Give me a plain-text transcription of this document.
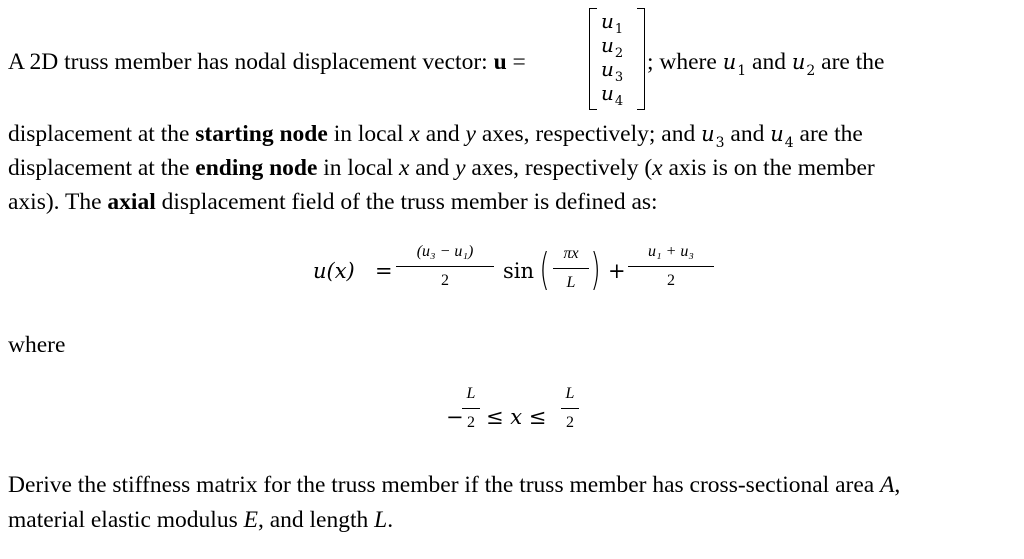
A 2D truss member has nodal displacement vector: u =
$u_1$
$u_2$
$u_3$
$u_4$
; where $u_1$ and $u_2$ are the
displacement at the starting node in local x and y axes, respectively; and $u_3$ and $u_4$ are the
displacement at the ending node in local x and y axes, respectively (x axis is on the member
axis). The axial displacement field of the truss member is defined as:
u(x) =
(u₃ − u₁)
2	sin ( πx
L ) +
u₁ + u₃
2
where
−
L
2 ≤ x ≤
L
2
Derive the stiffness matrix for the truss member if the truss member has cross-sectional area A,
material elastic modulus E, and length L.
